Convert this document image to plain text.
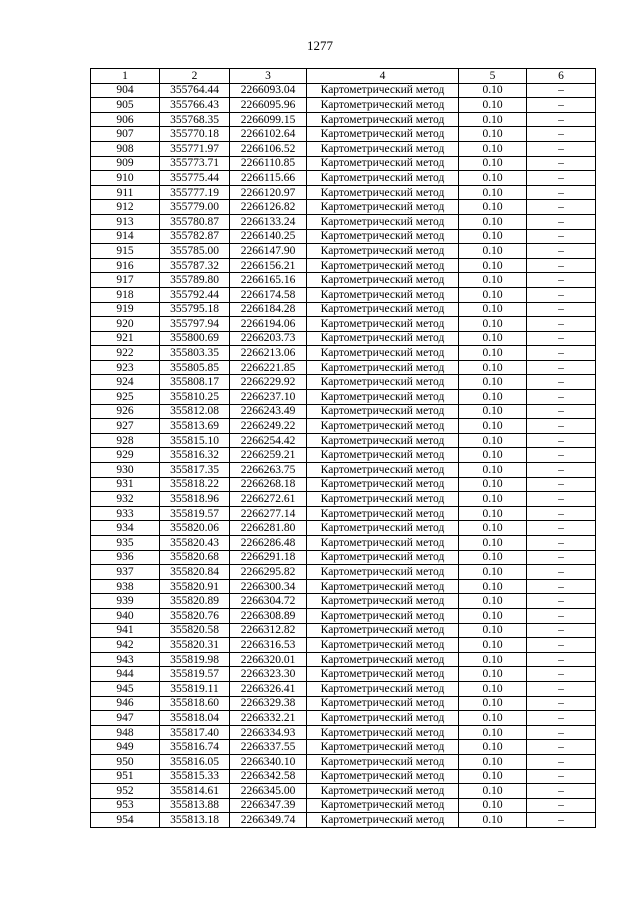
1277
1	2	3	4	5	6
904	355764.44	2266093.04	Картометрический метод	0.10	–
905	355766.43	2266095.96	Картометрический метод	0.10	–
906	355768.35	2266099.15	Картометрический метод	0.10	–
907	355770.18	2266102.64	Картометрический метод	0.10	–
908	355771.97	2266106.52	Картометрический метод	0.10	–
909	355773.71	2266110.85	Картометрический метод	0.10	–
910	355775.44	2266115.66	Картометрический метод	0.10	–
911	355777.19	2266120.97	Картометрический метод	0.10	–
912	355779.00	2266126.82	Картометрический метод	0.10	–
913	355780.87	2266133.24	Картометрический метод	0.10	–
914	355782.87	2266140.25	Картометрический метод	0.10	–
915	355785.00	2266147.90	Картометрический метод	0.10	–
916	355787.32	2266156.21	Картометрический метод	0.10	–
917	355789.80	2266165.16	Картометрический метод	0.10	–
918	355792.44	2266174.58	Картометрический метод	0.10	–
919	355795.18	2266184.28	Картометрический метод	0.10	–
920	355797.94	2266194.06	Картометрический метод	0.10	–
921	355800.69	2266203.73	Картометрический метод	0.10	–
922	355803.35	2266213.06	Картометрический метод	0.10	–
923	355805.85	2266221.85	Картометрический метод	0.10	–
924	355808.17	2266229.92	Картометрический метод	0.10	–
925	355810.25	2266237.10	Картометрический метод	0.10	–
926	355812.08	2266243.49	Картометрический метод	0.10	–
927	355813.69	2266249.22	Картометрический метод	0.10	–
928	355815.10	2266254.42	Картометрический метод	0.10	–
929	355816.32	2266259.21	Картометрический метод	0.10	–
930	355817.35	2266263.75	Картометрический метод	0.10	–
931	355818.22	2266268.18	Картометрический метод	0.10	–
932	355818.96	2266272.61	Картометрический метод	0.10	–
933	355819.57	2266277.14	Картометрический метод	0.10	–
934	355820.06	2266281.80	Картометрический метод	0.10	–
935	355820.43	2266286.48	Картометрический метод	0.10	–
936	355820.68	2266291.18	Картометрический метод	0.10	–
937	355820.84	2266295.82	Картометрический метод	0.10	–
938	355820.91	2266300.34	Картометрический метод	0.10	–
939	355820.89	2266304.72	Картометрический метод	0.10	–
940	355820.76	2266308.89	Картометрический метод	0.10	–
941	355820.58	2266312.82	Картометрический метод	0.10	–
942	355820.31	2266316.53	Картометрический метод	0.10	–
943	355819.98	2266320.01	Картометрический метод	0.10	–
944	355819.57	2266323.30	Картометрический метод	0.10	–
945	355819.11	2266326.41	Картометрический метод	0.10	–
946	355818.60	2266329.38	Картометрический метод	0.10	–
947	355818.04	2266332.21	Картометрический метод	0.10	–
948	355817.40	2266334.93	Картометрический метод	0.10	–
949	355816.74	2266337.55	Картометрический метод	0.10	–
950	355816.05	2266340.10	Картометрический метод	0.10	–
951	355815.33	2266342.58	Картометрический метод	0.10	–
952	355814.61	2266345.00	Картометрический метод	0.10	–
953	355813.88	2266347.39	Картометрический метод	0.10	–
954	355813.18	2266349.74	Картометрический метод	0.10	–
